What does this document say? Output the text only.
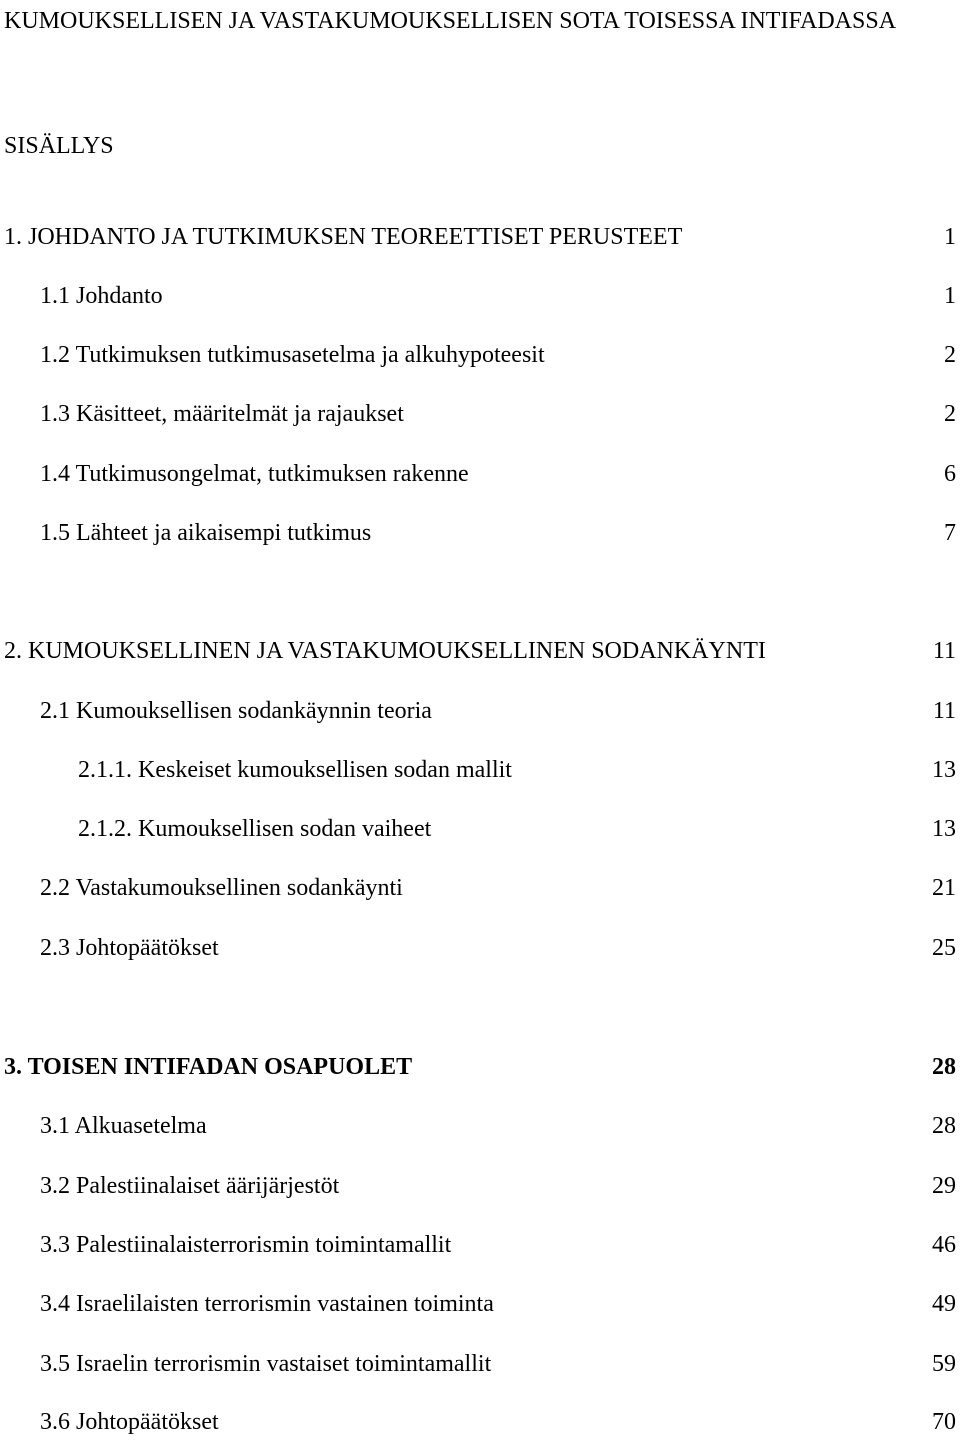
KUMOUKSELLISEN JA VASTAKUMOUKSELLISEN SOTA TOISESSA INTIFADASSA
SISÄLLYS
1. JOHDANTO JA TUTKIMUKSEN TEOREETTISET PERUSTEET	1
1.1 Johdanto	1
1.2 Tutkimuksen tutkimusasetelma ja alkuhypoteesit	2
1.3 Käsitteet, määritelmät ja rajaukset	2
1.4 Tutkimusongelmat, tutkimuksen rakenne	6
1.5 Lähteet ja aikaisempi tutkimus	7
2. KUMOUKSELLINEN JA VASTAKUMOUKSELLINEN SODANKÄYNTI	11
2.1 Kumouksellisen sodankäynnin teoria	11
2.1.1. Keskeiset kumouksellisen sodan mallit	13
2.1.2. Kumouksellisen sodan vaiheet	13
2.2 Vastakumouksellinen sodankäynti	21
2.3 Johtopäätökset	25
3. TOISEN INTIFADAN OSAPUOLET	28
3.1 Alkuasetelma	28
3.2 Palestiinalaiset äärijärjestöt	29
3.3 Palestiinalaisterrorismin toimintamallit	46
3.4 Israelilaisten terrorismin vastainen toiminta	49
3.5 Israelin terrorismin vastaiset toimintamallit	59
3.6 Johtopäätökset	70
